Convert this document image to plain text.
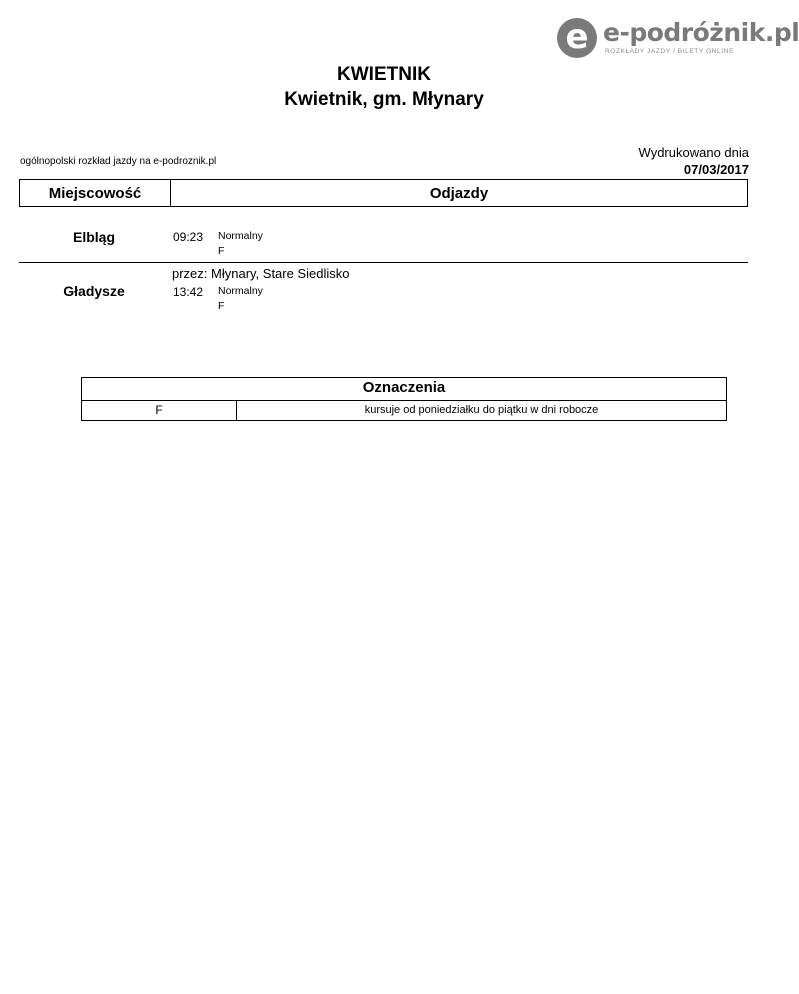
e e-podróżnik.pl
ROZKŁADY JAZDY / BILETY ONLINE
KWIETNIK
Kwietnik, gm. Młynary
ogólnopolski rozkład jazdy na e-podroznik.pl
Wydrukowano dnia
07/03/2017
Miejscowość	Odjazdy
Elbląg	09:23 Normalny
F
przez: Młynary, Stare Siedlisko
Gładysze	13:42 Normalny
F
Oznaczenia
F	kursuje od poniedziałku do piątku w dni robocze
